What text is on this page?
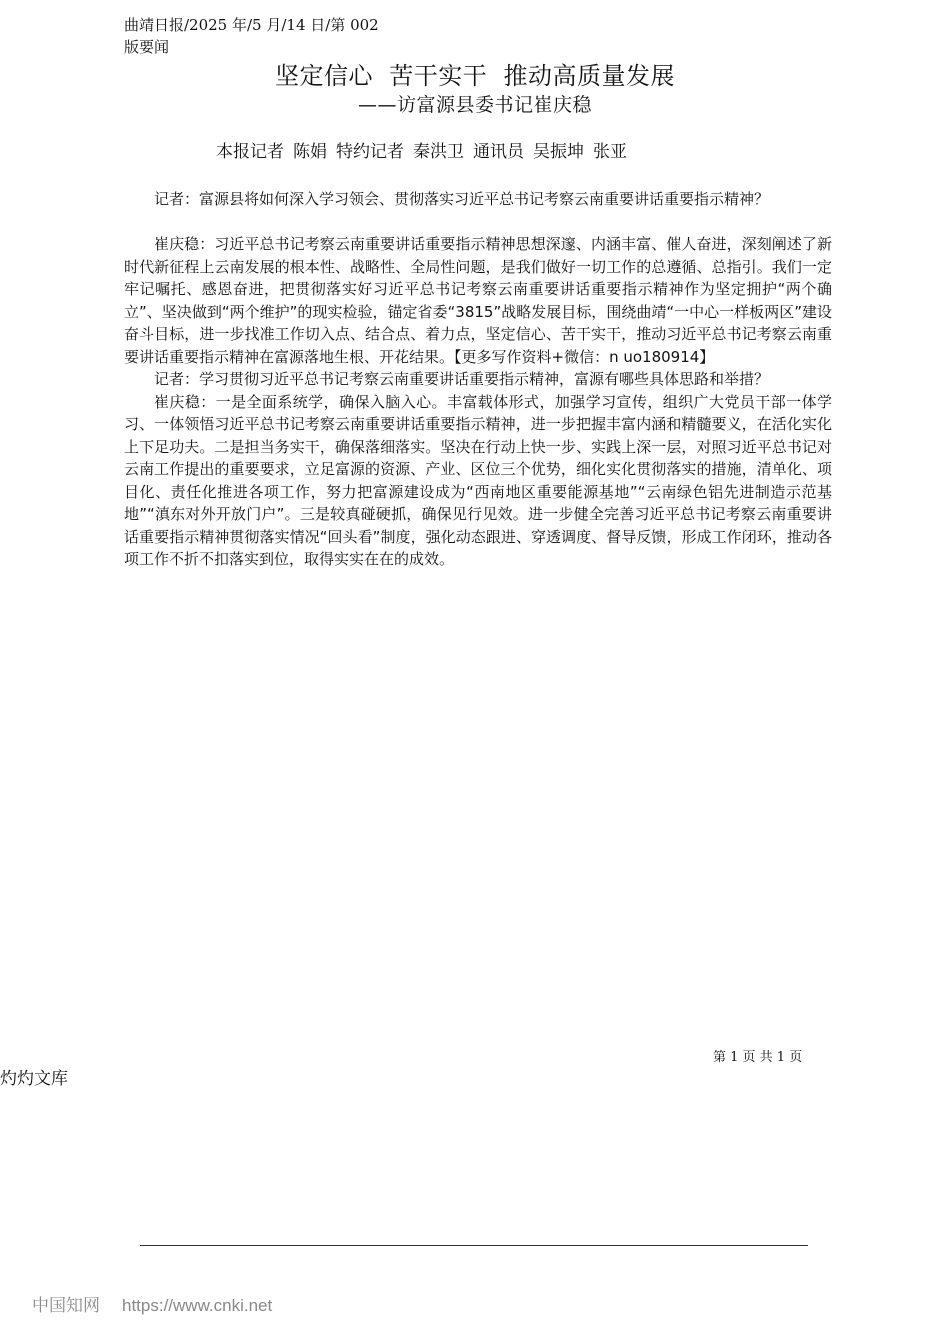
曲靖日报/2025 年/5 月/14 日/第 002
版要闻
坚定信心  苦干实干  推动高质量发展
——访富源县委书记崔庆稳
本报记者 陈娟 特约记者 秦洪卫 通讯员 吴振坤 张亚

记者：富源县将如何深入学习领会、贯彻落实习近平总书记考察云南重要讲话重要指示精神？

崔庆稳：习近平总书记考察云南重要讲话重要指示精神思想深邃、内涵丰富、催人奋进，深刻阐述了新时代新征程上云南发展的根本性、战略性、全局性问题，是我们做好一切工作的总遵循、总指引。我们一定牢记嘱托、感恩奋进，把贯彻落实好习近平总书记考察云南重要讲话重要指示精神作为坚定拥护“两个确立”、坚决做到“两个维护”的现实检验，锚定省委“3815”战略发展目标，围绕曲靖“一中心一样板两区”建设奋斗目标，进一步找准工作切入点、结合点、着力点，坚定信心、苦干实干，推动习近平总书记考察云南重要讲话重要指示精神在富源落地生根、开花结果。【更多写作资料+微信：n uo180914】

记者：学习贯彻习近平总书记考察云南重要讲话重要指示精神，富源有哪些具体思路和举措？

崔庆稳：一是全面系统学，确保入脑入心。丰富载体形式，加强学习宣传，组织广大党员干部一体学习、一体领悟习近平总书记考察云南重要讲话重要指示精神，进一步把握丰富内涵和精髓要义，在活化实化上下足功夫。二是担当务实干，确保落细落实。坚决在行动上快一步、实践上深一层，对照习近平总书记对云南工作提出的重要要求，立足富源的资源、产业、区位三个优势，细化实化贯彻落实的措施，清单化、项目化、责任化推进各项工作，努力把富源建设成为“西南地区重要能源基地”“云南绿色铝先进制造示范基地”“滇东对外开放门户”。三是较真碰硬抓，确保见行见效。进一步健全完善习近平总书记考察云南重要讲话重要指示精神贯彻落实情况“回头看”制度，强化动态跟进、穿透调度、督导反馈，形成工作闭环，推动各项工作不折不扣落实到位，取得实实在在的成效。

第 1 页 共 1 页
灼灼文库
中国知网 https://www.cnki.net
